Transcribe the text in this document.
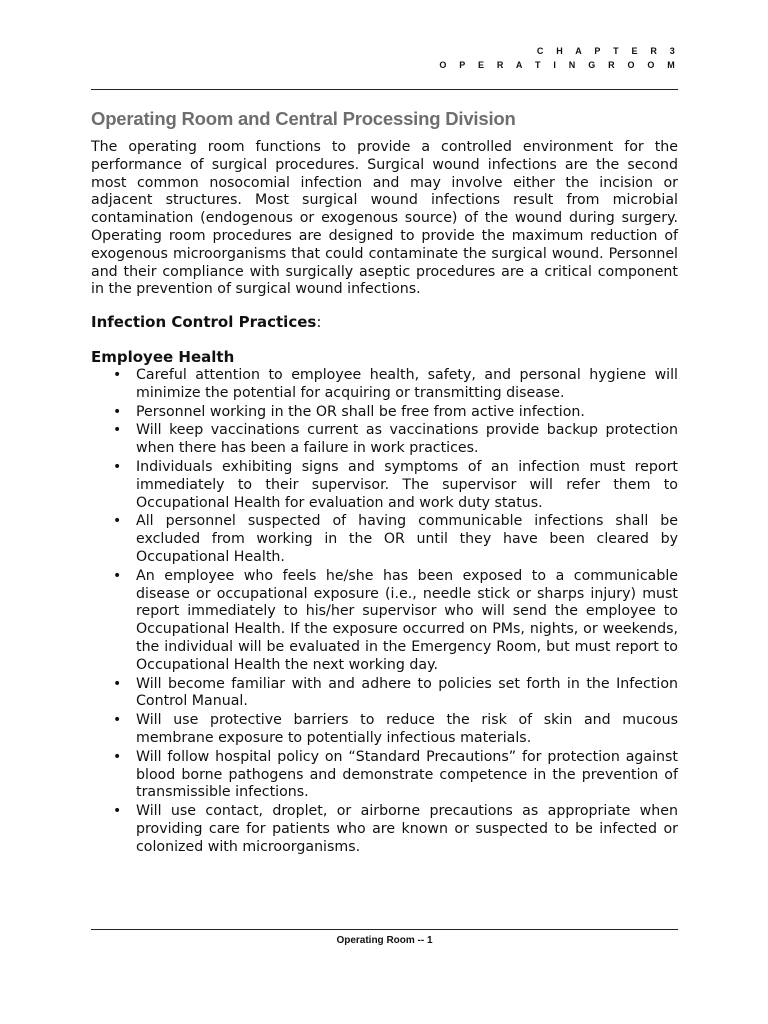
C H A P T E R 3
O P E R A T I N G R O O M
Operating Room and Central Processing Division

The operating room functions to provide a controlled environment for the performance of surgical procedures. Surgical wound infections are the second most common nosocomial infection and may involve either the incision or adjacent structures. Most surgical wound infections result from microbial contamination (endogenous or exogenous source) of the wound during surgery. Operating room procedures are designed to provide the maximum reduction of exogenous microorganisms that could contaminate the surgical wound. Personnel and their compliance with surgically aseptic procedures are a critical component in the prevention of surgical wound infections.

Infection Control Practices:

Employee Health

• Careful attention to employee health, safety, and personal hygiene will minimize the potential for acquiring or transmitting disease.
• Personnel working in the OR shall be free from active infection.
• Will keep vaccinations current as vaccinations provide backup protection when there has been a failure in work practices.
• Individuals exhibiting signs and symptoms of an infection must report immediately to their supervisor. The supervisor will refer them to Occupational Health for evaluation and work duty status.
• All personnel suspected of having communicable infections shall be excluded from working in the OR until they have been cleared by Occupational Health.
• An employee who feels he/she has been exposed to a communicable disease or occupational exposure (i.e., needle stick or sharps injury) must report immediately to his/her supervisor who will send the employee to Occupational Health. If the exposure occurred on PMs, nights, or weekends, the individual will be evaluated in the Emergency Room, but must report to Occupational Health the next working day.
• Will become familiar with and adhere to policies set forth in the Infection Control Manual.
• Will use protective barriers to reduce the risk of skin and mucous membrane exposure to potentially infectious materials.
• Will follow hospital policy on “Standard Precautions” for protection against blood borne pathogens and demonstrate competence in the prevention of transmissible infections.
• Will use contact, droplet, or airborne precautions as appropriate when providing care for patients who are known or suspected to be infected or colonized with microorganisms.
Operating Room -- 1
